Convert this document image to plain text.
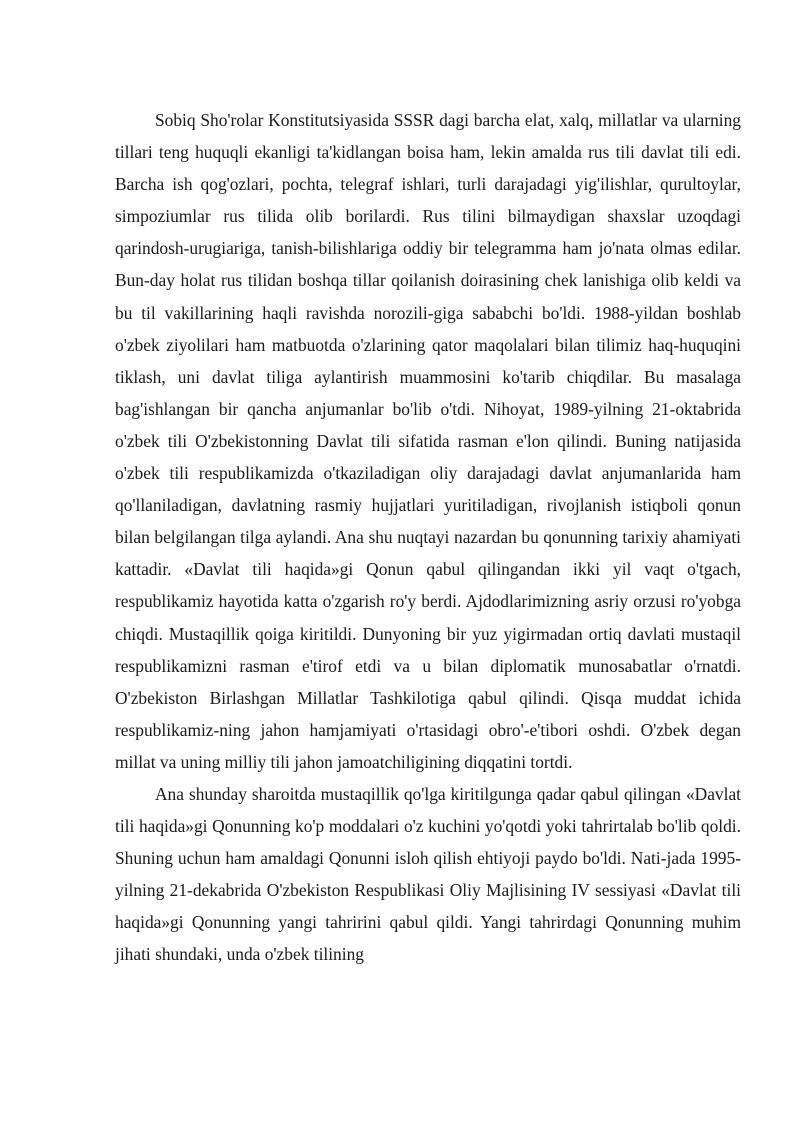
Sobiq Sho'rolar Konstitutsiyasida SSSR dagi barcha elat, xalq, millatlar va ularning tillari teng huquqli ekanligi ta'kidlangan boisa ham, lekin amalda rus tili davlat tili edi. Barcha ish qog'ozlari, pochta, telegraf ishlari, turli darajadagi yig'ilishlar, qurultoylar, simpoziumlar rus tilida olib borilardi. Rus tilini bilmaydigan shaxslar uzoqdagi qarindosh-urugiariga, tanish-bilishlariga oddiy bir telegramma ham jo'nata olmas edilar. Bun-day holat rus tilidan boshqa tillar qoilanish doirasining chek lanishiga olib keldi va bu til vakillarining haqli ravishda norozili-giga sababchi bo'ldi. 1988-yildan boshlab o'zbek ziyolilari ham matbuotda o'zlarining qator maqolalari bilan tilimiz haq-huquqini tiklash, uni davlat tiliga aylantirish muammosini ko'tarib chiqdilar. Bu masalaga bag'ishlangan bir qancha anjumanlar bo'lib o'tdi. Nihoyat, 1989-yilning 21-oktabrida o'zbek tili O'zbekistonning Davlat tili sifatida rasman e'lon qilindi. Buning natijasida o'zbek tili respublikamizda o'tkaziladigan oliy darajadagi davlat anjumanlarida ham qo'llaniladigan, davlatning rasmiy hujjatlari yuritiladigan, rivojlanish istiqboli qonun bilan belgilangan tilga aylandi. Ana shu nuqtayi nazardan bu qonunning tarixiy ahamiyati kattadir. «Davlat tili haqida»gi Qonun qabul qilingandan ikki yil vaqt o'tgach, respublikamiz hayotida katta o'zgarish ro'y berdi. Ajdodlarimizning asriy orzusi ro'yobga chiqdi. Mustaqillik qoiga kiritildi. Dunyoning bir yuz yigirmadan ortiq davlati mustaqil respublikamizni rasman e'tirof etdi va u bilan diplomatik munosabatlar o'rnatdi. O'zbekiston Birlashgan Millatlar Tashkilotiga qabul qilindi. Qisqa muddat ichida respublikamiz-ning jahon hamjamiyati o'rtasidagi obro'-e'tibori oshdi. O'zbek degan millat va uning milliy tili jahon jamoatchiligining diqqatini tortdi.

Ana shunday sharoitda mustaqillik qo'lga kiritilgunga qadar qabul qilingan «Davlat tili haqida»gi Qonunning ko'p moddalari o'z kuchini yo'qotdi yoki tahrirtalab bo'lib qoldi. Shuning uchun ham amaldagi Qonunni isloh qilish ehtiyoji paydo bo'ldi. Nati-jada 1995-yilning 21-dekabrida O'zbekiston Respublikasi Oliy Majlisining IV sessiyasi «Davlat tili haqida»gi Qonunning yangi tahririni qabul qildi. Yangi tahrirdagi Qonunning muhim jihati shundaki, unda o'zbek tilining
